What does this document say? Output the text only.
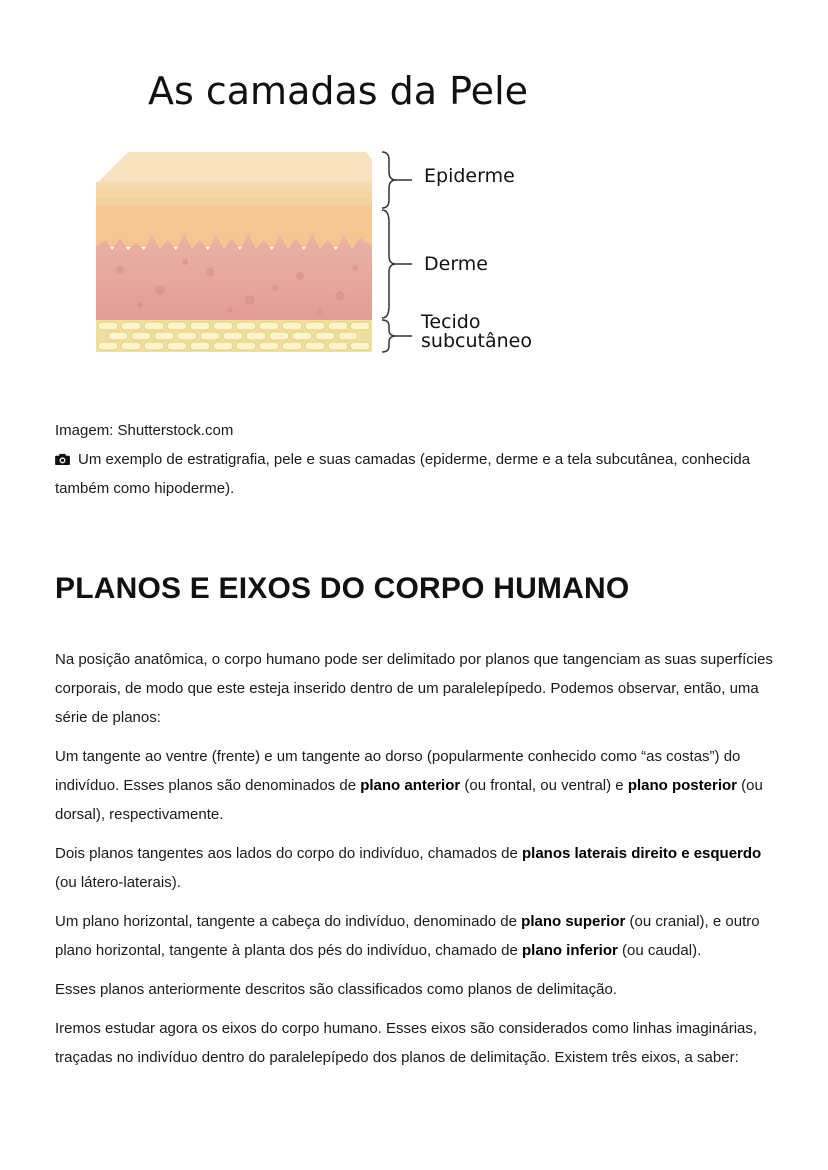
As camadas da Pele
Epiderme
Derme
Tecido
subcutâneo
Imagem: Shutterstock.com
Um exemplo de estratigrafia, pele e suas camadas (epiderme, derme e a tela subcutânea, conhecida também como hipoderme).
PLANOS E EIXOS DO CORPO HUMANO

Na posição anatômica, o corpo humano pode ser delimitado por planos que tangenciam as suas superfícies corporais, de modo que este esteja inserido dentro de um paralelepípedo. Podemos observar, então, uma série de planos:

Um tangente ao ventre (frente) e um tangente ao dorso (popularmente conhecido como “as costas”) do indivíduo. Esses planos são denominados de plano anterior (ou frontal, ou ventral) e plano posterior (ou dorsal), respectivamente.

Dois planos tangentes aos lados do corpo do indivíduo, chamados de planos laterais direito e esquerdo (ou látero-laterais).

Um plano horizontal, tangente a cabeça do indivíduo, denominado de plano superior (ou cranial), e outro plano horizontal, tangente à planta dos pés do indivíduo, chamado de plano inferior (ou caudal).

Esses planos anteriormente descritos são classificados como planos de delimitação.

Iremos estudar agora os eixos do corpo humano. Esses eixos são considerados como linhas imaginárias, traçadas no indivíduo dentro do paralelepípedo dos planos de delimitação. Existem três eixos, a saber:
